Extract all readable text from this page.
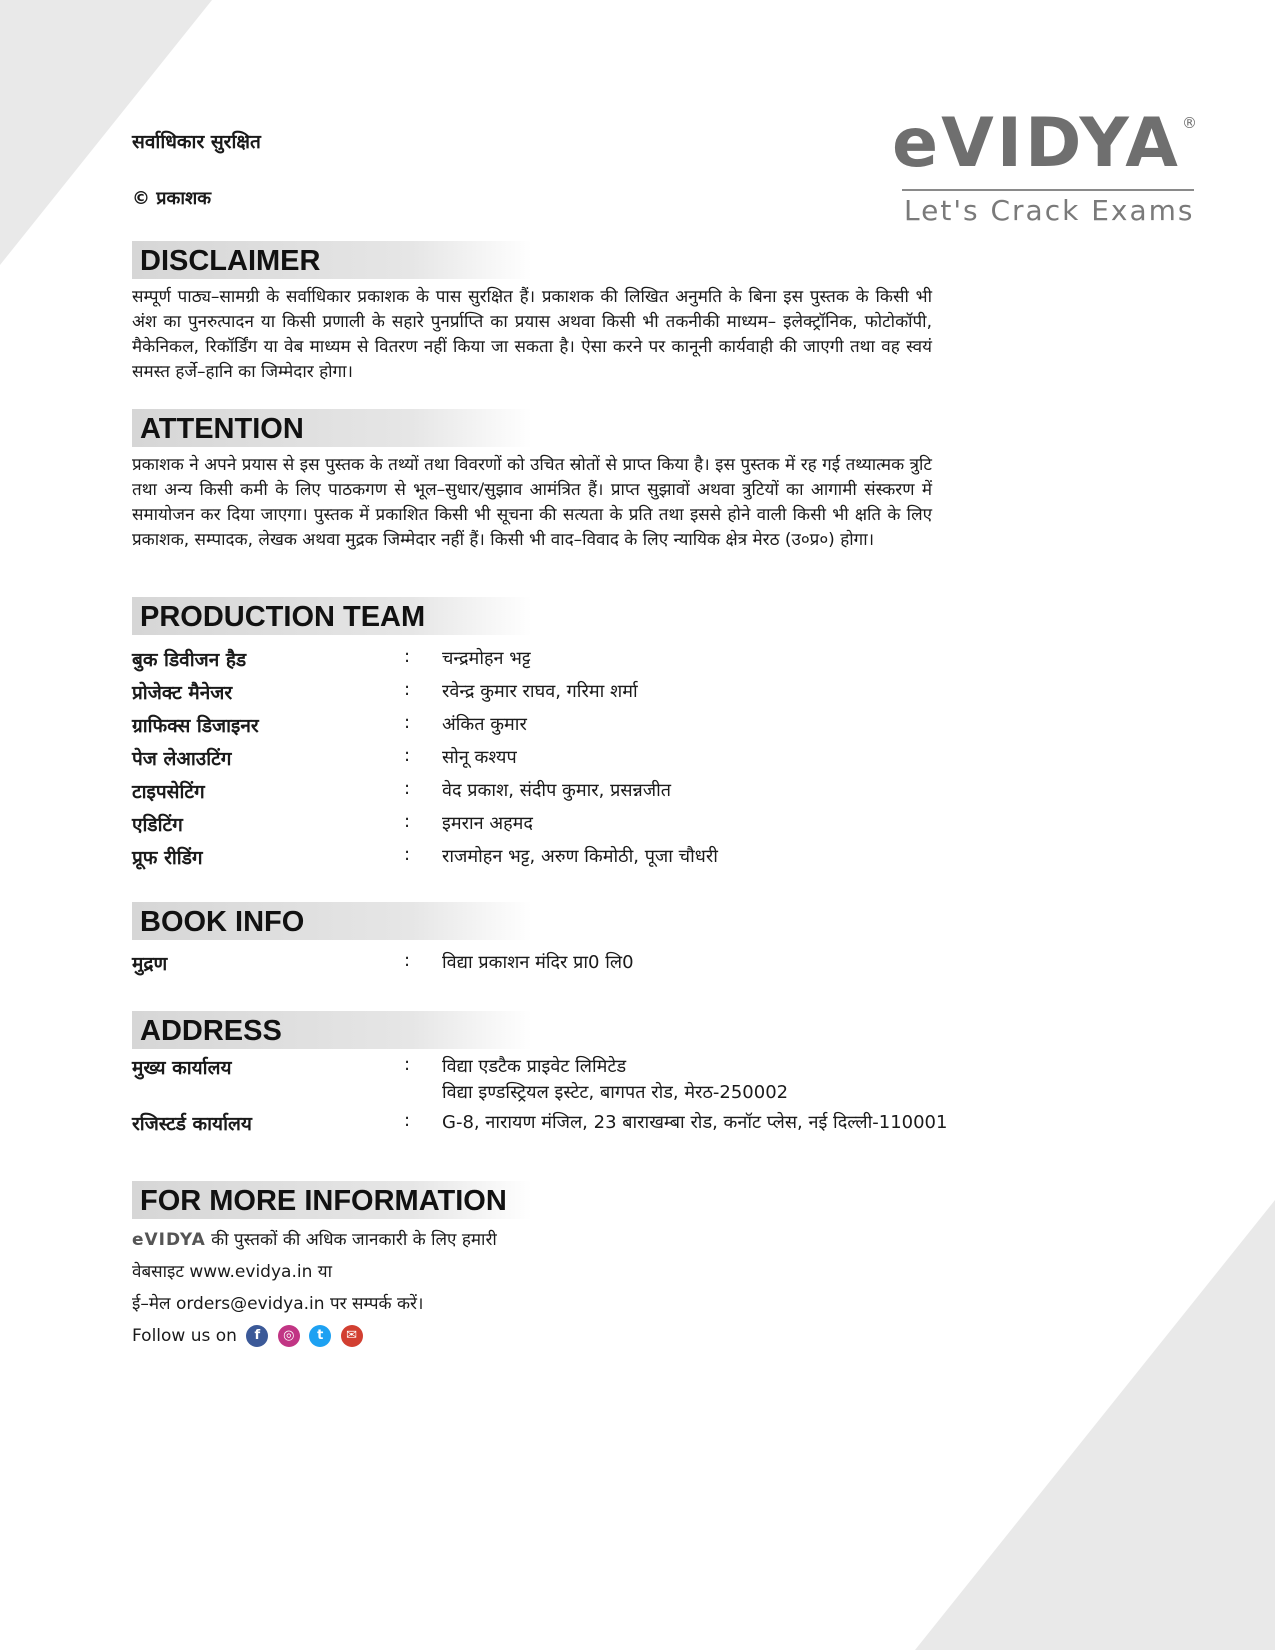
सर्वाधिकार सुरक्षित
© प्रकाशक
eVIDYA ®
Let's Crack Exams
DISCLAIMER
सम्पूर्ण पाठ्य–सामग्री के सर्वाधिकार प्रकाशक के पास सुरक्षित हैं। प्रकाशक की लिखित अनुमति के बिना इस पुस्तक के किसी भी अंश का पुनरुत्पादन या किसी प्रणाली के सहारे पुनर्प्राप्ति का प्रयास अथवा किसी भी तकनीकी माध्यम– इलेक्ट्रॉनिक, फोटोकॉपी, मैकेनिकल, रिकॉर्डिंग या वेब माध्यम से वितरण नहीं किया जा सकता है। ऐसा करने पर कानूनी कार्यवाही की जाएगी तथा वह स्वयं समस्त हर्जे–हानि का जिम्मेदार होगा।
ATTENTION
प्रकाशक ने अपने प्रयास से इस पुस्तक के तथ्यों तथा विवरणों को उचित स्रोतों से प्राप्त किया है। इस पुस्तक में रह गई तथ्यात्मक त्रुटि तथा अन्य किसी कमी के लिए पाठकगण से भूल–सुधार/सुझाव आमंत्रित हैं। प्राप्त सुझावों अथवा त्रुटियों का आगामी संस्करण में समायोजन कर दिया जाएगा। पुस्तक में प्रकाशित किसी भी सूचना की सत्यता के प्रति तथा इससे होने वाली किसी भी क्षति के लिए प्रकाशक, सम्पादक, लेखक अथवा मुद्रक जिम्मेदार नहीं हैं। किसी भी वाद–विवाद के लिए न्यायिक क्षेत्र मेरठ (उ०प्र०) होगा।
PRODUCTION TEAM
बुक डिवीजन हैड	: चन्द्रमोहन भट्ट
प्रोजेक्ट मैनेजर	: रवेन्द्र कुमार राघव, गरिमा शर्मा
ग्राफिक्स डिजाइनर	: अंकित कुमार
पेज लेआउटिंग	: सोनू कश्यप
टाइपसेटिंग	: वेद प्रकाश, संदीप कुमार, प्रसन्नजीत
एडिटिंग	: इमरान अहमद
प्रूफ रीडिंग	: राजमोहन भट्ट, अरुण किमोठी, पूजा चौधरी
BOOK INFO
मुद्रण	: विद्या प्रकाशन मंदिर प्रा0 लि0
ADDRESS
मुख्य कार्यालय	: विद्या एडटैक प्राइवेट लिमिटेड
विद्या इण्डस्ट्रियल इस्टेट, बागपत रोड, मेरठ-250002
रजिस्टर्ड कार्यालय	: G-8, नारायण मंजिल, 23 बाराखम्बा रोड, कनॉट प्लेस, नई दिल्ली-110001
FOR MORE INFORMATION
eVIDYA की पुस्तकों की अधिक जानकारी के लिए हमारी
वेबसाइट www.evidya.in या
ई–मेल orders@evidya.in पर सम्पर्क करें।
Follow us on f ◎ t ✉
